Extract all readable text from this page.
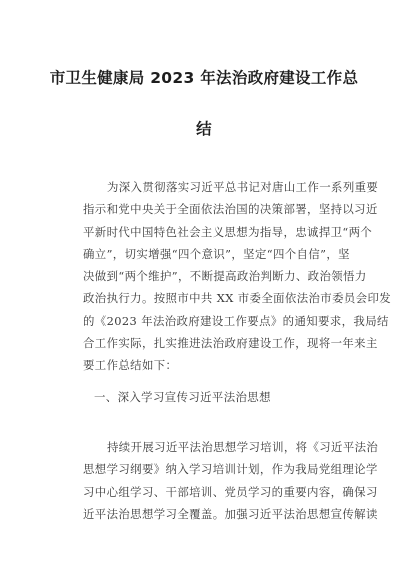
市卫生健康局 2023 年法治政府建设工作总
结
为深入贯彻落实习近平总书记对唐山工作一系列重要
指示和党中央关于全面依法治国的决策部署，坚持以习近
平新时代中国特色社会主义思想为指导，忠诚捍卫“两个
确立”，切实增强“四个意识”，坚定“四个自信”，坚
决做到“两个维护”，不断提高政治判断力、政治领悟力
政治执行力。按照市中共 XX 市委全面依法治市委员会印发
的《2023 年法治政府建设工作要点》的通知要求，我局结
合工作实际，扎实推进法治政府建设工作，现将一年来主
要工作总结如下：
一、深入学习宣传习近平法治思想
持续开展习近平法治思想学习培训，将《习近平法治
思想学习纲要》纳入学习培训计划，作为我局党组理论学
习中心组学习、干部培训、党员学习的重要内容，确保习
近平法治思想学习全覆盖。加强习近平法治思想宣传解读
